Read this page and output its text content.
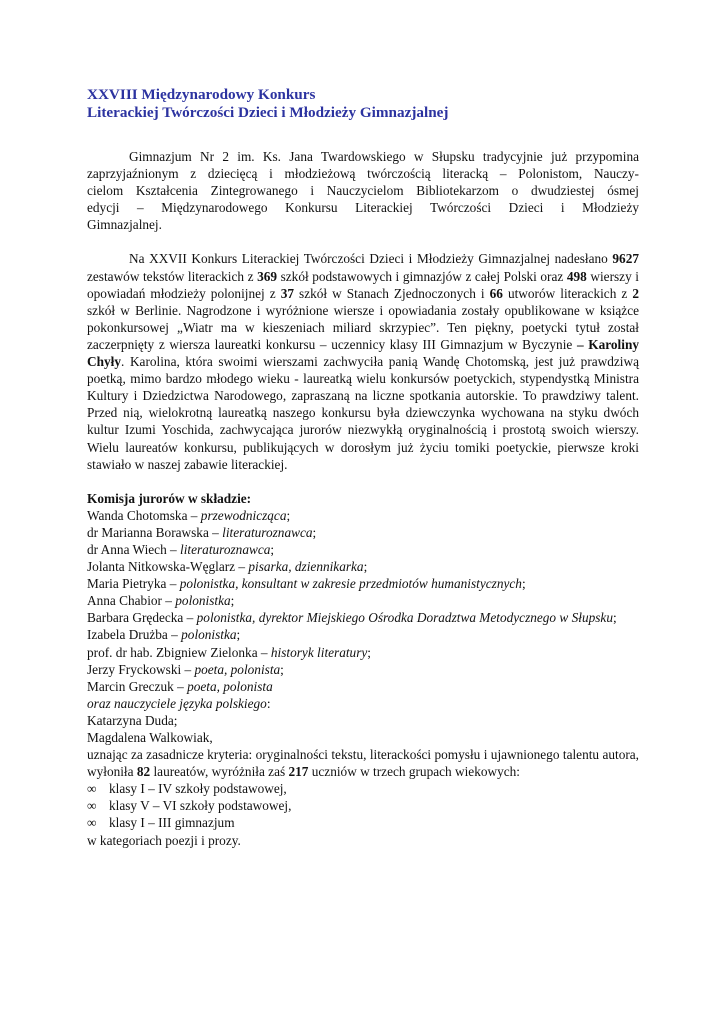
XXVIII Międzynarodowy Konkurs
Literackiej Twórczości Dzieci i Młodzieży Gimnazjalnej

Gimnazjum Nr 2 im. Ks. Jana Twardowskiego w Słupsku tradycyjnie już przypomina
zaprzyjaźnionym z dziecięcą i młodzieżową twórczością literacką – Polonistom, Nauczy-
cielom Kształcenia Zintegrowanego i Nauczycielom Bibliotekarzom o dwudziestej ósmej
edycji – Międzynarodowego Konkursu Literackiej Twórczości Dzieci i Młodzieży
Gimnazjalnej.

Na XXVII Konkurs Literackiej Twórczości Dzieci i Młodzieży Gimnazjalnej nadesłano 9627 zestawów tekstów literackich z 369 szkół podstawowych i gimnazjów z całej Polski oraz 498 wierszy i opowiadań młodzieży polonijnej z 37 szkół w Stanach Zjednoczonych i 66 utworów literackich z 2 szkół w Berlinie. Nagrodzone i wyróżnione wiersze i opowiadania zostały opublikowane w książce pokonkursowej „Wiatr ma w kieszeniach miliard skrzypiec”. Ten piękny, poetycki tytuł został zaczerpnięty z wiersza laureatki konkursu – uczennicy klasy III Gimnazjum w Byczynie – Karoliny Chyły. Karolina, która swoimi wierszami zachwyciła panią Wandę Chotomską, jest już prawdziwą poetką, mimo bardzo młodego wieku - laureatką wielu konkursów poetyckich, stypendystką Ministra Kultury i Dziedzictwa Narodowego, zapraszaną na liczne spotkania autorskie. To prawdziwy talent. Przed nią, wielokrotną laureatką naszego konkursu była dziewczynka wychowana na styku dwóch kultur Izumi Yoschida, zachwycająca jurorów niezwykłą oryginalnością i prostotą swoich wierszy. Wielu laureatów konkursu, publikujących w dorosłym już życiu tomiki poetyckie, pierwsze kroki stawiało w naszej zabawie literackiej.

Komisja jurorów w składzie:
Wanda Chotomska – przewodnicząca;
dr Marianna Borawska – literaturoznawca;
dr Anna Wiech – literaturoznawca;
Jolanta Nitkowska-Węglarz – pisarka, dziennikarka;
Maria Pietryka – polonistka, konsultant w zakresie przedmiotów humanistycznych;
Anna Chabior – polonistka;
Barbara Grędecka – polonistka, dyrektor Miejskiego Ośrodka Doradztwa Metodycznego w Słupsku;
Izabela Drużba – polonistka;
prof. dr hab. Zbigniew Zielonka – historyk literatury;
Jerzy Fryckowski – poeta, polonista;
Marcin Greczuk – poeta, polonista
oraz nauczyciele języka polskiego:
Katarzyna Duda;
Magdalena Walkowiak,

uznając za zasadnicze kryteria: oryginalności tekstu, literackości pomysłu i ujawnionego talentu autora, wyłoniła 82 laureatów, wyróżniła zaś 217 uczniów w trzech grupach wiekowych:

∞ klasy I – IV szkoły podstawowej,
∞ klasy V – VI szkoły podstawowej,
∞ klasy I – III gimnazjum

w kategoriach poezji i prozy.
